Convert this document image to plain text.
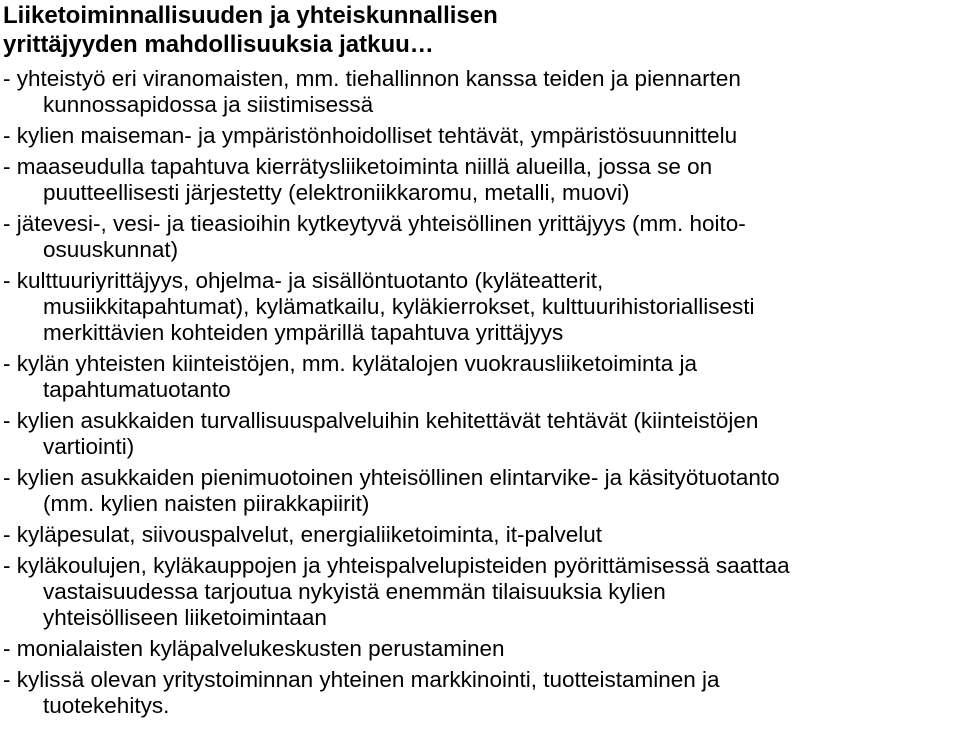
Liiketoiminnallisuuden ja yhteiskunnallisen
yrittäjyyden mahdollisuuksia jatkuu…
- yhteistyö eri viranomaisten, mm. tiehallinnon kanssa teiden ja piennarten
kunnossapidossa ja siistimisessä
- kylien maiseman- ja ympäristönhoidolliset tehtävät, ympäristösuunnittelu
- maaseudulla tapahtuva kierrätysliiketoiminta niillä alueilla, jossa se on
puutteellisesti järjestetty (elektroniikkaromu, metalli, muovi)
- jätevesi-, vesi- ja tieasioihin kytkeytyvä yhteisöllinen yrittäjyys (mm. hoito-
osuuskunnat)
- kulttuuriyrittäjyys, ohjelma- ja sisällöntuotanto (kyläteatterit,
musiikkitapahtumat), kylämatkailu, kyläkierrokset, kulttuurihistoriallisesti
merkittävien kohteiden ympärillä tapahtuva yrittäjyys
- kylän yhteisten kiinteistöjen, mm. kylätalojen vuokrausliiketoiminta ja
tapahtumatuotanto
- kylien asukkaiden turvallisuuspalveluihin kehitettävät tehtävät (kiinteistöjen
vartiointi)
- kylien asukkaiden pienimuotoinen yhteisöllinen elintarvike- ja käsityötuotanto
(mm. kylien naisten piirakkapiirit)
- kyläpesulat, siivouspalvelut, energialiiketoiminta, it-palvelut
- kyläkoulujen, kyläkauppojen ja yhteispalvelupisteiden pyörittämisessä saattaa
vastaisuudessa tarjoutua nykyistä enemmän tilaisuuksia kylien
yhteisölliseen liiketoimintaan
- monialaisten kyläpalvelukeskusten perustaminen
- kylissä olevan yritystoiminnan yhteinen markkinointi, tuotteistaminen ja
tuotekehitys.
